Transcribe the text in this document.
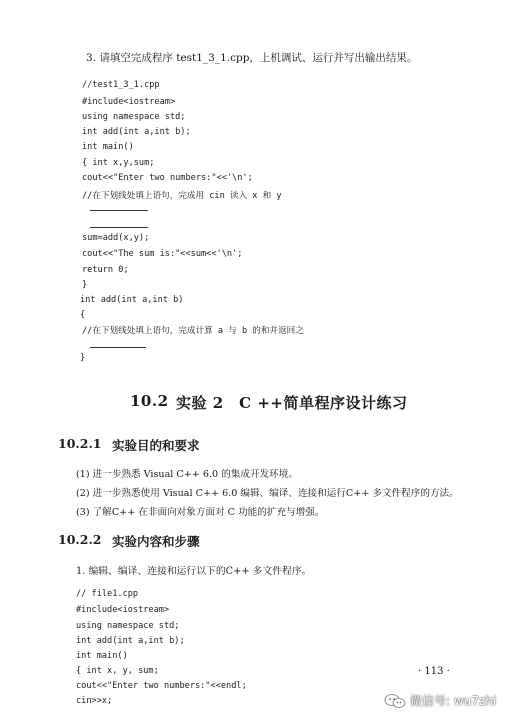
3. 请填空完成程序 test1_3_1.cpp，上机调试、运行并写出输出结果。
//test1_3_1.cpp
#include<iostream>
using namespace std;
int add(int a,int b);
int main()
{ int x,y,sum;
cout<<"Enter two numbers:"<<'\n';
//在下划线处填上语句，完成用 cin 读入 x 和 y
sum=add(x,y);
cout<<"The sum is:"<<sum<<'\n';
return 0;
}
int add(int a,int b)
{
//在下划线处填上语句，完成计算 a 与 b 的和并返回之
}
10.2 实验 2　C ++简单程序设计练习
10.2.1 实验目的和要求
(1) 进一步熟悉 Visual C++ 6.0 的集成开发环境。
(2) 进一步熟悉使用 Visual C++ 6.0 编辑、编译、连接和运行C++ 多文件程序的方法。
(3) 了解C++ 在非面向对象方面对 C 功能的扩充与增强。
10.2.2 实验内容和步骤
1. 编辑、编译、连接和运行以下的C++ 多文件程序。
// file1.cpp
#include<iostream>
using namespace std;
int add(int a,int b);
int main()
{ int x, y, sum;
cout<<"Enter two numbers:"<<endl;
cin>>x;
· 113 ·
微信号: wu7zhi
